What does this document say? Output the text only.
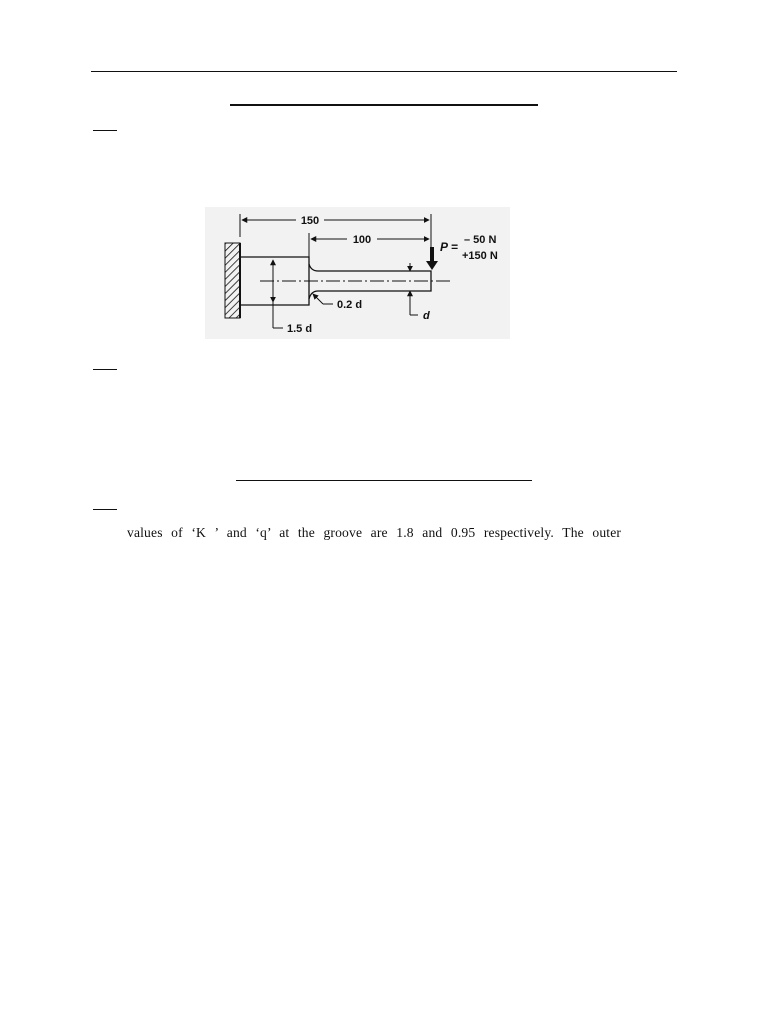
150
100	P = – 50 N
+150 N
1.5 d
0.2 d
d
values of ‘K ’ and ‘q’ at the groove are 1.8 and 0.95 respectively. The outer
